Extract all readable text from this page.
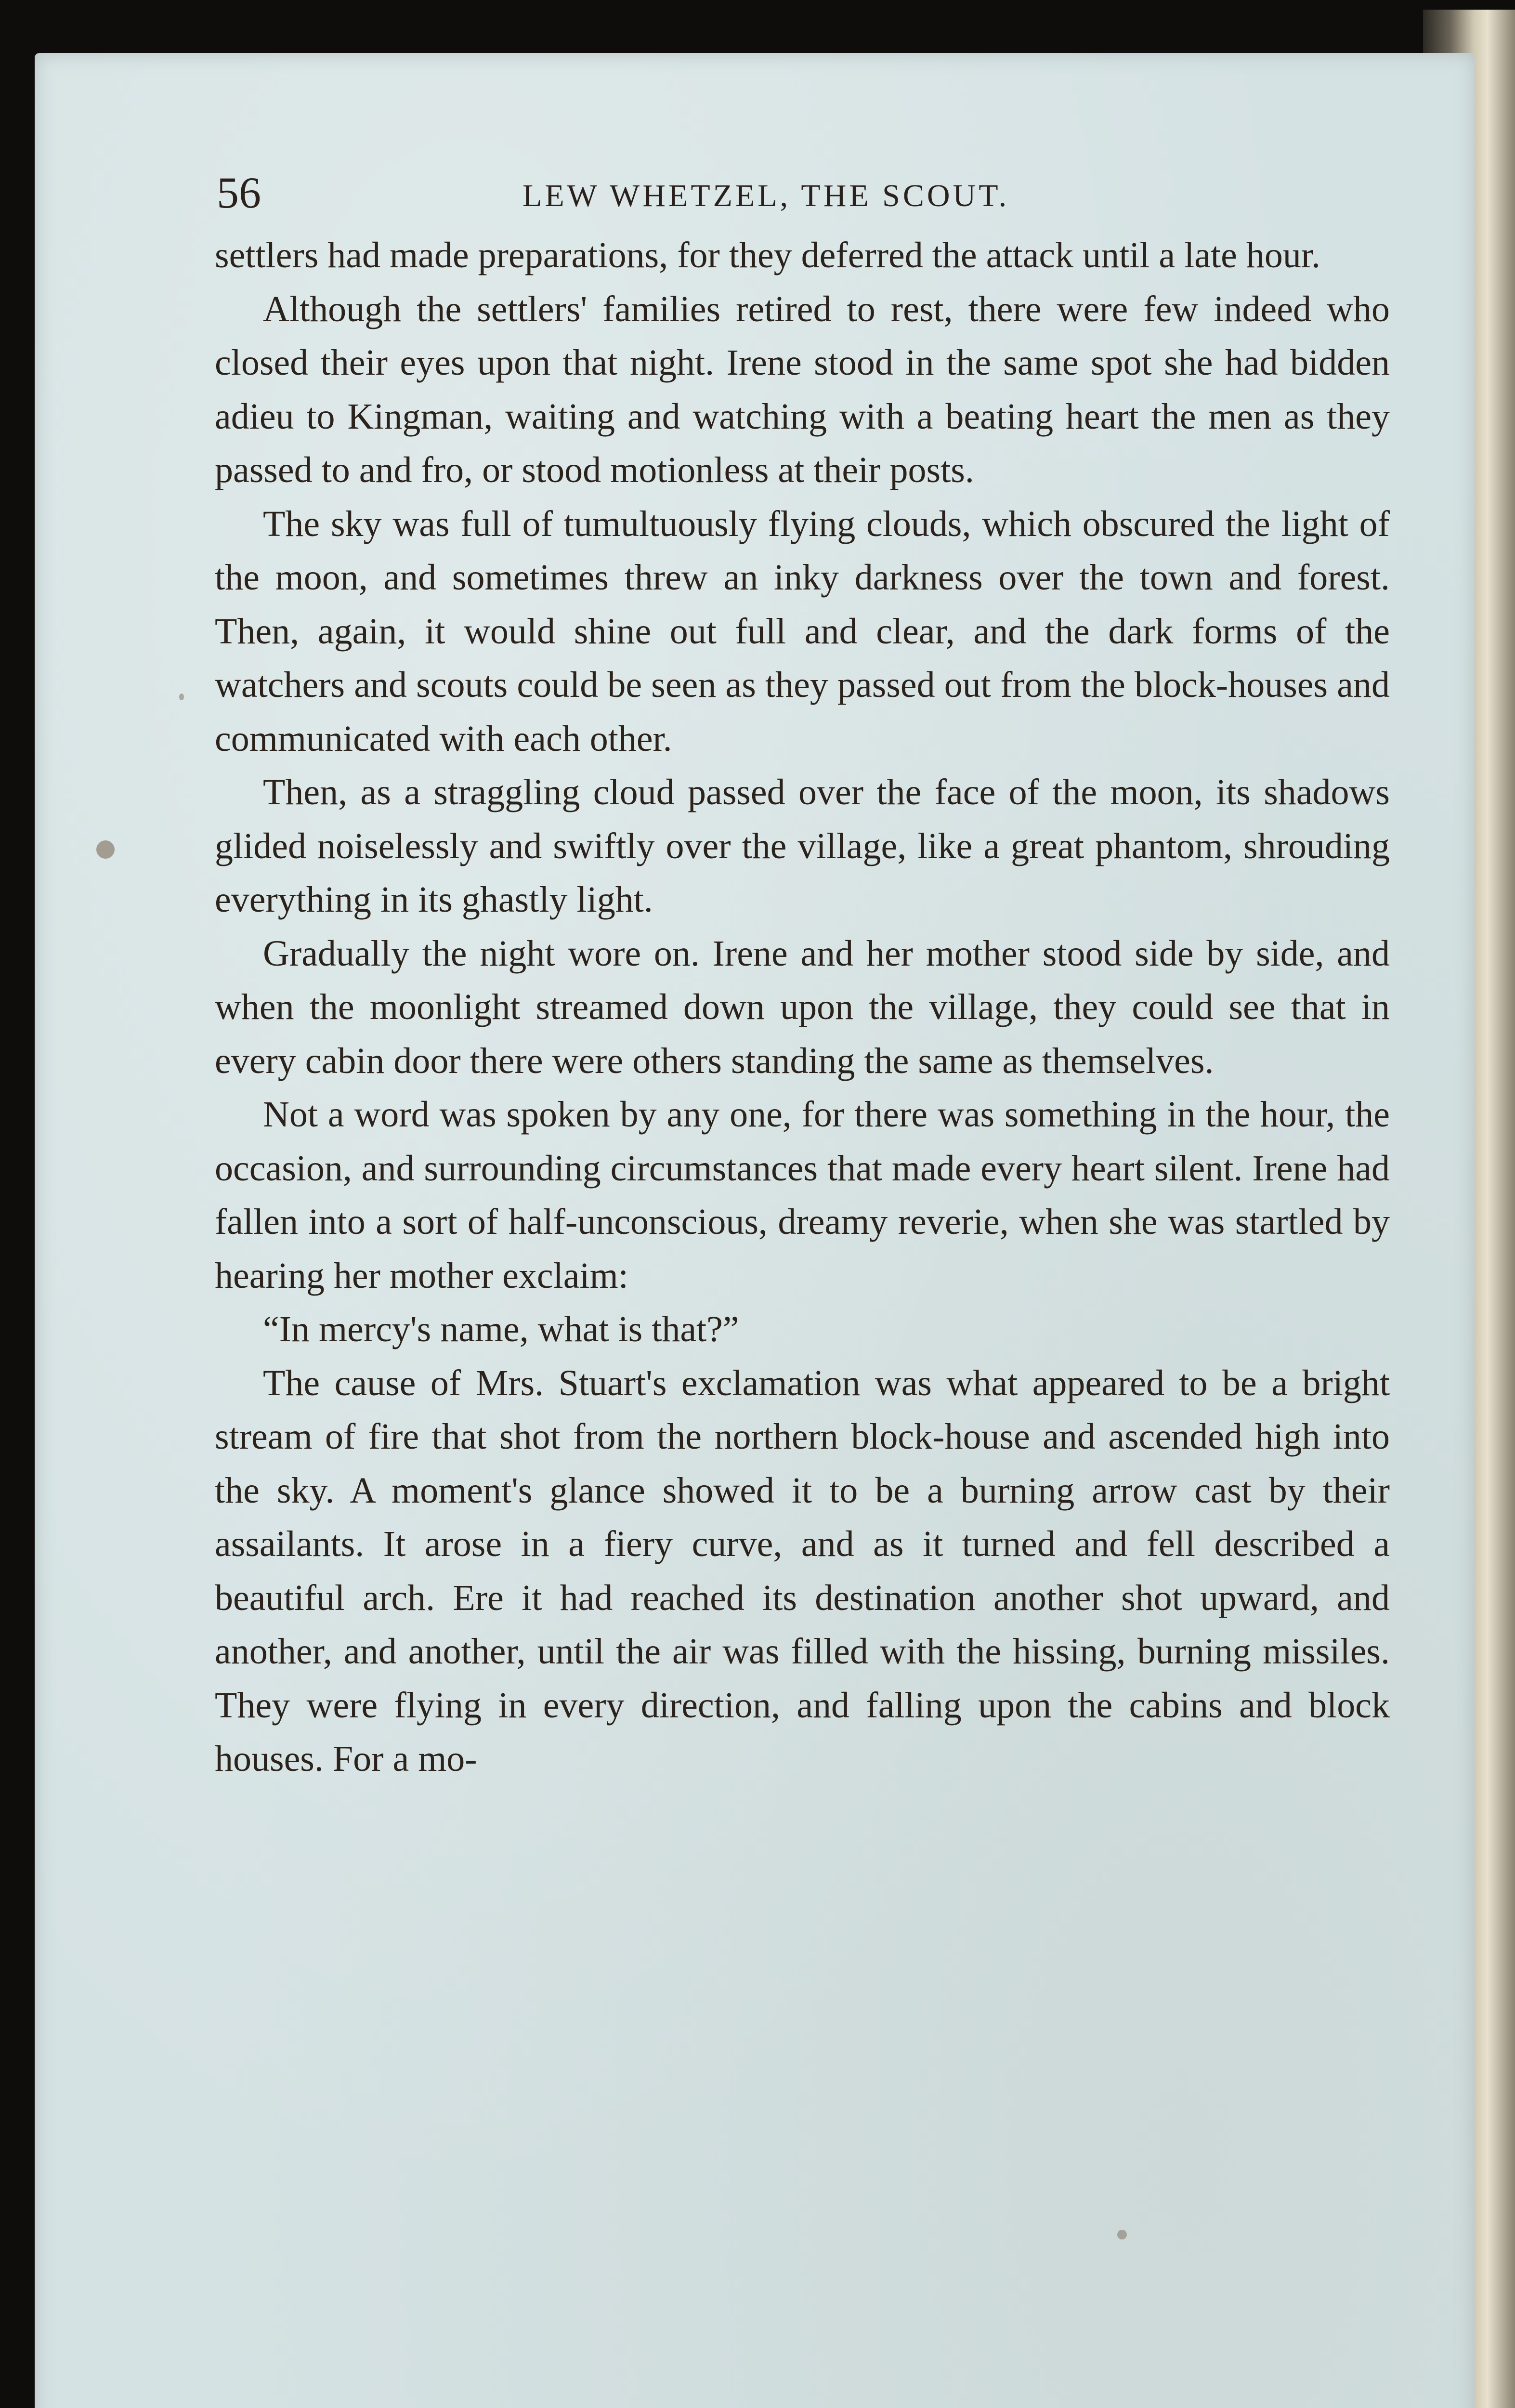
56	LEW WHETZEL, THE SCOUT.

settlers had made preparations, for they deferred the attack until a late hour.

Although the settlers' families retired to rest, there were few indeed who closed their eyes upon that night. Irene stood in the same spot she had bidden adieu to Kingman, waiting and watching with a beating heart the men as they passed to and fro, or stood motionless at their posts.

The sky was full of tumultuously flying clouds, which obscured the light of the moon, and sometimes threw an inky darkness over the town and forest. Then, again, it would shine out full and clear, and the dark forms of the watchers and scouts could be seen as they passed out from the block-houses and communicated with each other.

Then, as a straggling cloud passed over the face of the moon, its shadows glided noiselessly and swiftly over the village, like a great phantom, shrouding everything in its ghastly light.

Gradually the night wore on. Irene and her mother stood side by side, and when the moonlight streamed down upon the village, they could see that in every cabin door there were others standing the same as themselves.

Not a word was spoken by any one, for there was something in the hour, the occasion, and surrounding circumstances that made every heart silent. Irene had fallen into a sort of half-unconscious, dreamy reverie, when she was startled by hearing her mother exclaim:

“In mercy's name, what is that?”

The cause of Mrs. Stuart's exclamation was what appeared to be a bright stream of fire that shot from the northern block-house and ascended high into the sky. A moment's glance showed it to be a burning arrow cast by their assailants. It arose in a fiery curve, and as it turned and fell described a beautiful arch. Ere it had reached its destination another shot upward, and another, and another, until the air was filled with the hissing, burning missiles. They were flying in every direction, and falling upon the cabins and block houses. For a mo-
